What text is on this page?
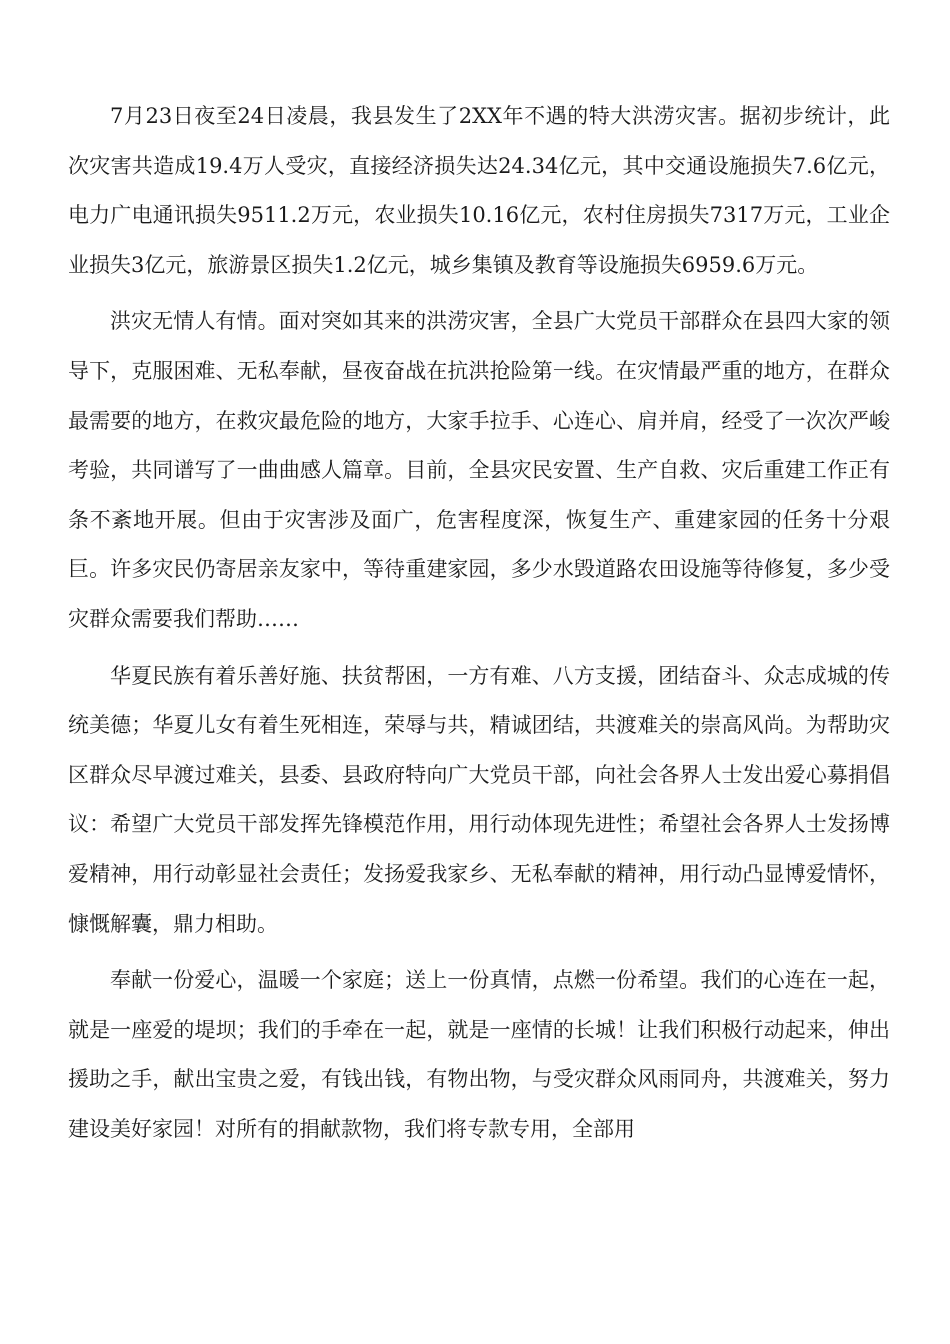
7月23日夜至24日凌晨，我县发生了2XX年不遇的特大洪涝灾害。据初步统计，此次灾害共造成19.4万人受灾，直接经济损失达24.34亿元，其中交通设施损失7.6亿元，电力广电通讯损失9511.2万元，农业损失10.16亿元，农村住房损失7317万元，工业企业损失3亿元，旅游景区损失1.2亿元，城乡集镇及教育等设施损失6959.6万元。

洪灾无情人有情。面对突如其来的洪涝灾害，全县广大党员干部群众在县四大家的领导下，克服困难、无私奉献，昼夜奋战在抗洪抢险第一线。在灾情最严重的地方，在群众最需要的地方，在救灾最危险的地方，大家手拉手、心连心、肩并肩，经受了一次次严峻考验，共同谱写了一曲曲感人篇章。目前，全县灾民安置、生产自救、灾后重建工作正有条不紊地开展。但由于灾害涉及面广，危害程度深，恢复生产、重建家园的任务十分艰巨。许多灾民仍寄居亲友家中，等待重建家园，多少水毁道路农田设施等待修复，多少受灾群众需要我们帮助……

华夏民族有着乐善好施、扶贫帮困，一方有难、八方支援，团结奋斗、众志成城的传统美德；华夏儿女有着生死相连，荣辱与共，精诚团结，共渡难关的崇高风尚。为帮助灾区群众尽早渡过难关，县委、县政府特向广大党员干部，向社会各界人士发出爱心募捐倡议：希望广大党员干部发挥先锋模范作用，用行动体现先进性；希望社会各界人士发扬博爱精神，用行动彰显社会责任；发扬爱我家乡、无私奉献的精神，用行动凸显博爱情怀，慷慨解囊，鼎力相助。

奉献一份爱心，温暖一个家庭；送上一份真情，点燃一份希望。我们的心连在一起，就是一座爱的堤坝；我们的手牵在一起，就是一座情的长城！让我们积极行动起来，伸出援助之手，献出宝贵之爱，有钱出钱，有物出物，与受灾群众风雨同舟，共渡难关，努力建设美好家园！对所有的捐献款物，我们将专款专用，全部用
